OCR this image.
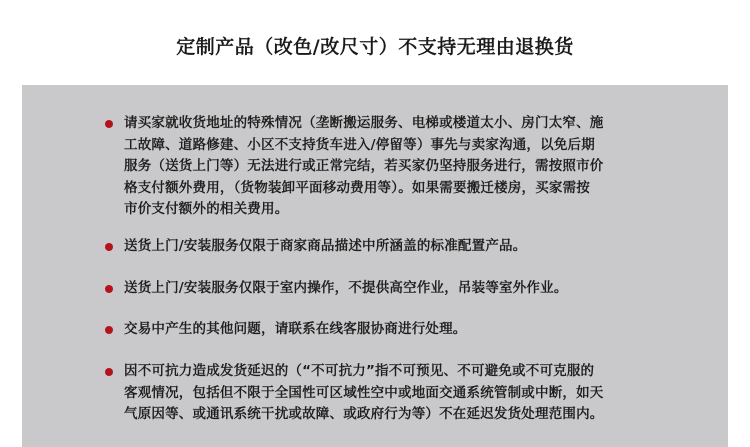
定制产品（改色/改尺寸）不支持无理由退换货
请买家就收货地址的特殊情况（垄断搬运服务、电梯或楼道太小、房门太窄、施
工故障、道路修建、小区不支持货车进入/停留等）事先与卖家沟通，以免后期
服务（送货上门等）无法进行或正常完结，若买家仍坚持服务进行，需按照市价
格支付额外费用，（货物装卸平面移动费用等）。如果需要搬迁楼房，买家需按
市价支付额外的相关费用。
送货上门/安装服务仅限于商家商品描述中所涵盖的标准配置产品。
送货上门/安装服务仅限于室内操作，不提供高空作业，吊装等室外作业。
交易中产生的其他问题，请联系在线客服协商进行处理。
因不可抗力造成发货延迟的（“不可抗力”指不可预见、不可避免或不可克服的
客观情况，包括但不限于全国性可区域性空中或地面交通系统管制或中断，如天
气原因等、或通讯系统干扰或故障、或政府行为等）不在延迟发货处理范围内。
